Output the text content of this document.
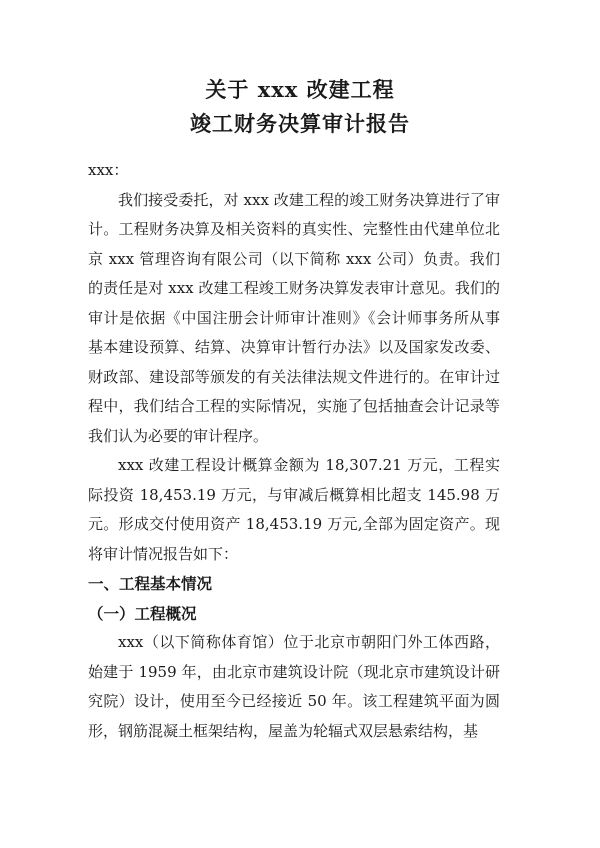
关于 xxx 改建工程
竣工财务决算审计报告

xxx：

我们接受委托，对 xxx 改建工程的竣工财务决算进行了审计。工程财务决算及相关资料的真实性、完整性由代建单位北京 xxx 管理咨询有限公司（以下简称 xxx 公司）负责。我们的责任是对 xxx 改建工程竣工财务决算发表审计意见。我们的审计是依据《中国注册会计师审计准则》《会计师事务所从事基本建设预算、结算、决算审计暂行办法》以及国家发改委、财政部、建设部等颁发的有关法律法规文件进行的。在审计过程中，我们结合工程的实际情况，实施了包括抽查会计记录等我们认为必要的审计程序。

xxx 改建工程设计概算金额为 18,307.21 万元，工程实际投资 18,453.19 万元，与审减后概算相比超支 145.98 万元。形成交付使用资产 18,453.19 万元,全部为固定资产。现将审计情况报告如下：

一、工程基本情况

（一）工程概况

xxx（以下简称体育馆）位于北京市朝阳门外工体西路，始建于 1959 年，由北京市建筑设计院（现北京市建筑设计研究院）设计，使用至今已经接近 50 年。该工程建筑平面为圆形，钢筋混凝土框架结构，屋盖为轮辐式双层悬索结构，基
